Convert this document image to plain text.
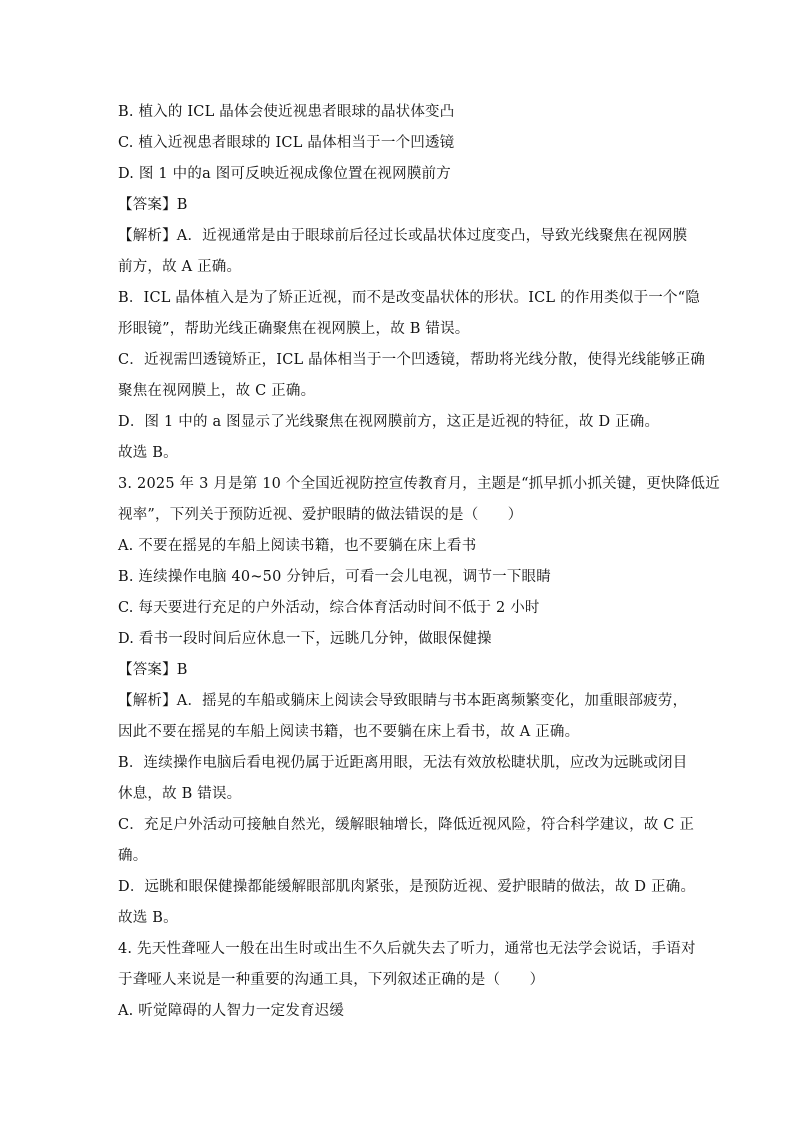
B. 植入的 ICL 晶体会使近视患者眼球的晶状体变凸
C. 植入近视患者眼球的 ICL 晶体相当于一个凹透镜
D. 图 1 中的a 图可反映近视成像位置在视网膜前方
【答案】B
【解析】A．近视通常是由于眼球前后径过长或晶状体过度变凸，导致光线聚焦在视网膜
前方，故 A 正确。
B．ICL 晶体植入是为了矫正近视，而不是改变晶状体的形状。ICL 的作用类似于一个“隐
形眼镜”，帮助光线正确聚焦在视网膜上，故 B 错误。
C．近视需凹透镜矫正，ICL 晶体相当于一个凹透镜，帮助将光线分散，使得光线能够正确
聚焦在视网膜上，故 C 正确。
D．图 1 中的 a 图显示了光线聚焦在视网膜前方，这正是近视的特征，故 D 正确。
故选 B。
3. 2025 年 3 月是第 10 个全国近视防控宣传教育月，主题是“抓早抓小抓关键，更快降低近
视率”，下列关于预防近视、爱护眼睛的做法错误的是（　　）
A. 不要在摇晃的车船上阅读书籍，也不要躺在床上看书
B. 连续操作电脑 40~50 分钟后，可看一会儿电视，调节一下眼睛
C. 每天要进行充足的户外活动，综合体育活动时间不低于 2 小时
D. 看书一段时间后应休息一下，远眺几分钟，做眼保健操
【答案】B
【解析】A．摇晃的车船或躺床上阅读会导致眼睛与书本距离频繁变化，加重眼部疲劳，
因此不要在摇晃的车船上阅读书籍，也不要躺在床上看书，故 A 正确。
B．连续操作电脑后看电视仍属于近距离用眼，无法有效放松睫状肌，应改为远眺或闭目
休息，故 B 错误。
C．充足户外活动可接触自然光，缓解眼轴增长，降低近视风险，符合科学建议，故 C 正
确。
D．远眺和眼保健操都能缓解眼部肌肉紧张，是预防近视、爱护眼睛的做法，故 D 正确。
故选 B。
4. 先天性聋哑人一般在出生时或出生不久后就失去了听力，通常也无法学会说话，手语对
于聋哑人来说是一种重要的沟通工具，下列叙述正确的是（　　）
A. 听觉障碍的人智力一定发育迟缓
